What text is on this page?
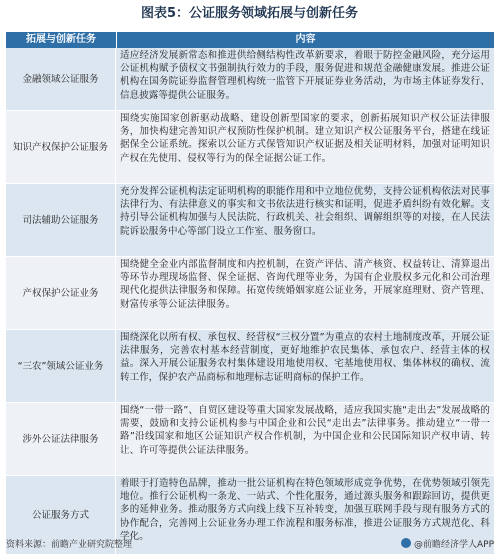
图表5：公证服务领域拓展与创新任务
拓展与创新任务	内容
金融领域公证服务
适应经济发展新常态和推进供给侧结构性改革新要求，着眼于防控金融风险，充分运用公证机构赋予债权文书强制执行效力的手段，服务促进和规范金融健康发展。推进公证机构在国务院证券监督管理机构统一监管下开展证券业务活动，为市场主体证券发行、信息披露等提供公证服务。
知识产权保护公证服务
围绕实施国家创新驱动战略、建设创新型国家的要求，创新拓展知识产权公证法律服务，加快构建完善知识产权预防性保护机制。建立知识产权公证服务平台，搭建在线证据保全公证系统。探索以公证方式保管知识产权证据及相关证明材料，加强对证明知识产权在先使用、侵权等行为的保全证据公证工作。
司法辅助公证服务
充分发挥公证机构法定证明机构的职能作用和中立地位优势，支持公证机构依法对民事法律行为、有法律意义的事实和文书依法进行核实和证明，促进矛盾纠纷有效化解。支持引导公证机构加强与人民法院、行政机关、社会组织、调解组织等的对接，在人民法院诉讼服务中心等部门设立工作室、服务窗口。
产权保护公证业务
围绕健全金业内部监督制度和内控机制，在资产评估、清产核资、权益转让、清算退出等环节办理现场监督、保全证据、咨询代理等业务，为国有企业股权多元化和公司治理现代化提供法律服务和保障。拓宽传统婚姻家庭公证业务，开展家庭理财、资产管理、财富传承等公证法律服务。
“三农”领域公证业务
围绕深化以所有权、承包权、经营权“三权分置”为重点的农村土地制度改革，开展公证法律服务，完善农村基本经营制度，更好地维护农民集体、承包农户、经营主体的权益。深入开展公证服务农村集体建设用地使用权、宅基地使用权、集体林权的确权、流转工作，保护农产品商标和地理标志证明商标的保护工作。
涉外公证法律服务
围绕“一带一路”、自贸区建设等重大国家发展战略，适应我国实施“走出去”发展战略的需要，鼓励和支持公证机构参与中国企业和公民“走出去”法律事务。推动建立“一带一路”沿线国家和地区公证知识产权合作机制，为中国企业和公民国际知识产权申请、转让、许可等提供公证法律服务。
公证服务方式
着眼于打造特色品牌，推动一批公证机构在特色领域形成竞争优势，在优势领域引领先地位。推行公证机构一条龙、一站式、个性化服务，通过源头服务和跟踪回访，提供更多的延伸业务。推动服务方式向线上线下互补转变，加强互联网手段与现有服务方式的协作配合，完善网上公证业务办理工作流程和服务标准，推进公证服务方式规范化、科学化。
资料来源：前瞻产业研究院整理	@前瞻经济学人APP
